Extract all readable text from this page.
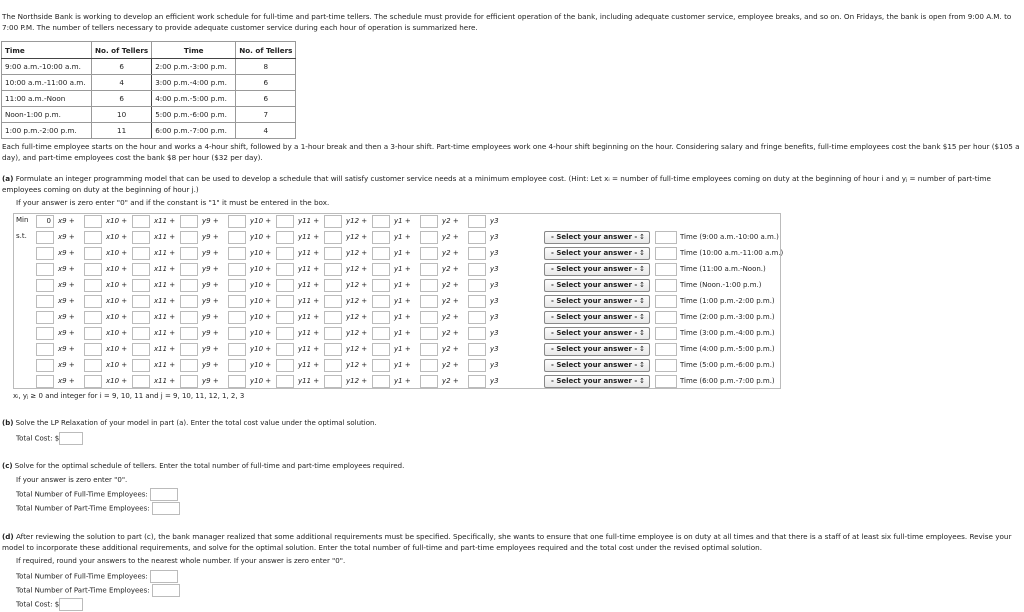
The Northside Bank is working to develop an efficient work schedule for full-time and part-time tellers. The schedule must provide for efficient operation of the bank, including adequate customer service, employee breaks, and so on. On Fridays, the bank is open from 9:00 A.M. to 7:00 P.M. The number of tellers necessary to provide adequate customer service during each hour of operation is summarized here.
Time	No. of Tellers	Time	No. of Tellers
9:00 a.m.-10:00 a.m.	6	2:00 p.m.-3:00 p.m.	8
10:00 a.m.-11:00 a.m.	4	3:00 p.m.-4:00 p.m.	6
11:00 a.m.-Noon	6	4:00 p.m.-5:00 p.m.	6
Noon-1:00 p.m.	10	5:00 p.m.-6:00 p.m.	7
1:00 p.m.-2:00 p.m.	11	6:00 p.m.-7:00 p.m.	4
Each full-time employee starts on the hour and works a 4-hour shift, followed by a 1-hour break and then a 3-hour shift. Part-time employees work one 4-hour shift beginning on the hour. Considering salary and fringe benefits, full-time employees cost the bank $15 per hour ($105 a day), and part-time employees cost the bank $8 per hour ($32 per day).
(a) Formulate an integer programming model that can be used to develop a schedule that will satisfy customer service needs at a minimum employee cost. (Hint: Let xᵢ = number of full-time employees coming on duty at the beginning of hour i and yⱼ = number of part-time employees coming on duty at the beginning of hour j.)
If your answer is zero enter "0" and if the constant is "1" it must be entered in the box.
Min	0	x9 +	x10 +	x11 +	y9 +	y10 +	y11 +	y12 +	y1 +	y2 +	y3
s.t.	x9 +	x10 +	x11 +	y9 +	y10 +	y11 +	y12 +	y1 +	y2 +	y3	- Select your answer - ↕	Time (9:00 a.m.-10:00 a.m.)
x9 +	x10 +	x11 +	y9 +	y10 +	y11 +	y12 +	y1 +	y2 +	y3	- Select your answer - ↕	Time (10:00 a.m.-11:00 a.m.)
x9 +	x10 +	x11 +	y9 +	y10 +	y11 +	y12 +	y1 +	y2 +	y3	- Select your answer - ↕	Time (11:00 a.m.-Noon.)
x9 +	x10 +	x11 +	y9 +	y10 +	y11 +	y12 +	y1 +	y2 +	y3	- Select your answer - ↕	Time (Noon.-1:00 p.m.)
x9 +	x10 +	x11 +	y9 +	y10 +	y11 +	y12 +	y1 +	y2 +	y3	- Select your answer - ↕	Time (1:00 p.m.-2:00 p.m.)
x9 +	x10 +	x11 +	y9 +	y10 +	y11 +	y12 +	y1 +	y2 +	y3	- Select your answer - ↕	Time (2:00 p.m.-3:00 p.m.)
x9 +	x10 +	x11 +	y9 +	y10 +	y11 +	y12 +	y1 +	y2 +	y3	- Select your answer - ↕	Time (3:00 p.m.-4:00 p.m.)
x9 +	x10 +	x11 +	y9 +	y10 +	y11 +	y12 +	y1 +	y2 +	y3	- Select your answer - ↕	Time (4:00 p.m.-5:00 p.m.)
x9 +	x10 +	x11 +	y9 +	y10 +	y11 +	y12 +	y1 +	y2 +	y3	- Select your answer - ↕	Time (5:00 p.m.-6:00 p.m.)
x9 +	x10 +	x11 +	y9 +	y10 +	y11 +	y12 +	y1 +	y2 +	y3	- Select your answer - ↕	Time (6:00 p.m.-7:00 p.m.)
xᵢ, yⱼ ≥ 0 and integer for i = 9, 10, 11 and j = 9, 10, 11, 12, 1, 2, 3
(b) Solve the LP Relaxation of your model in part (a). Enter the total cost value under the optimal solution.
Total Cost: $
(c) Solve for the optimal schedule of tellers. Enter the total number of full-time and part-time employees required.
If your answer is zero enter "0".
Total Number of Full-Time Employees:
Total Number of Part-Time Employees:
(d) After reviewing the solution to part (c), the bank manager realized that some additional requirements must be specified. Specifically, she wants to ensure that one full-time employee is on duty at all times and that there is a staff of at least six full-time employees. Revise your model to incorporate these additional requirements, and solve for the optimal solution. Enter the total number of full-time and part-time employees required and the total cost under the revised optimal solution.
If required, round your answers to the nearest whole number. If your answer is zero enter "0".
Total Number of Full-Time Employees:
Total Number of Part-Time Employees:
Total Cost: $
